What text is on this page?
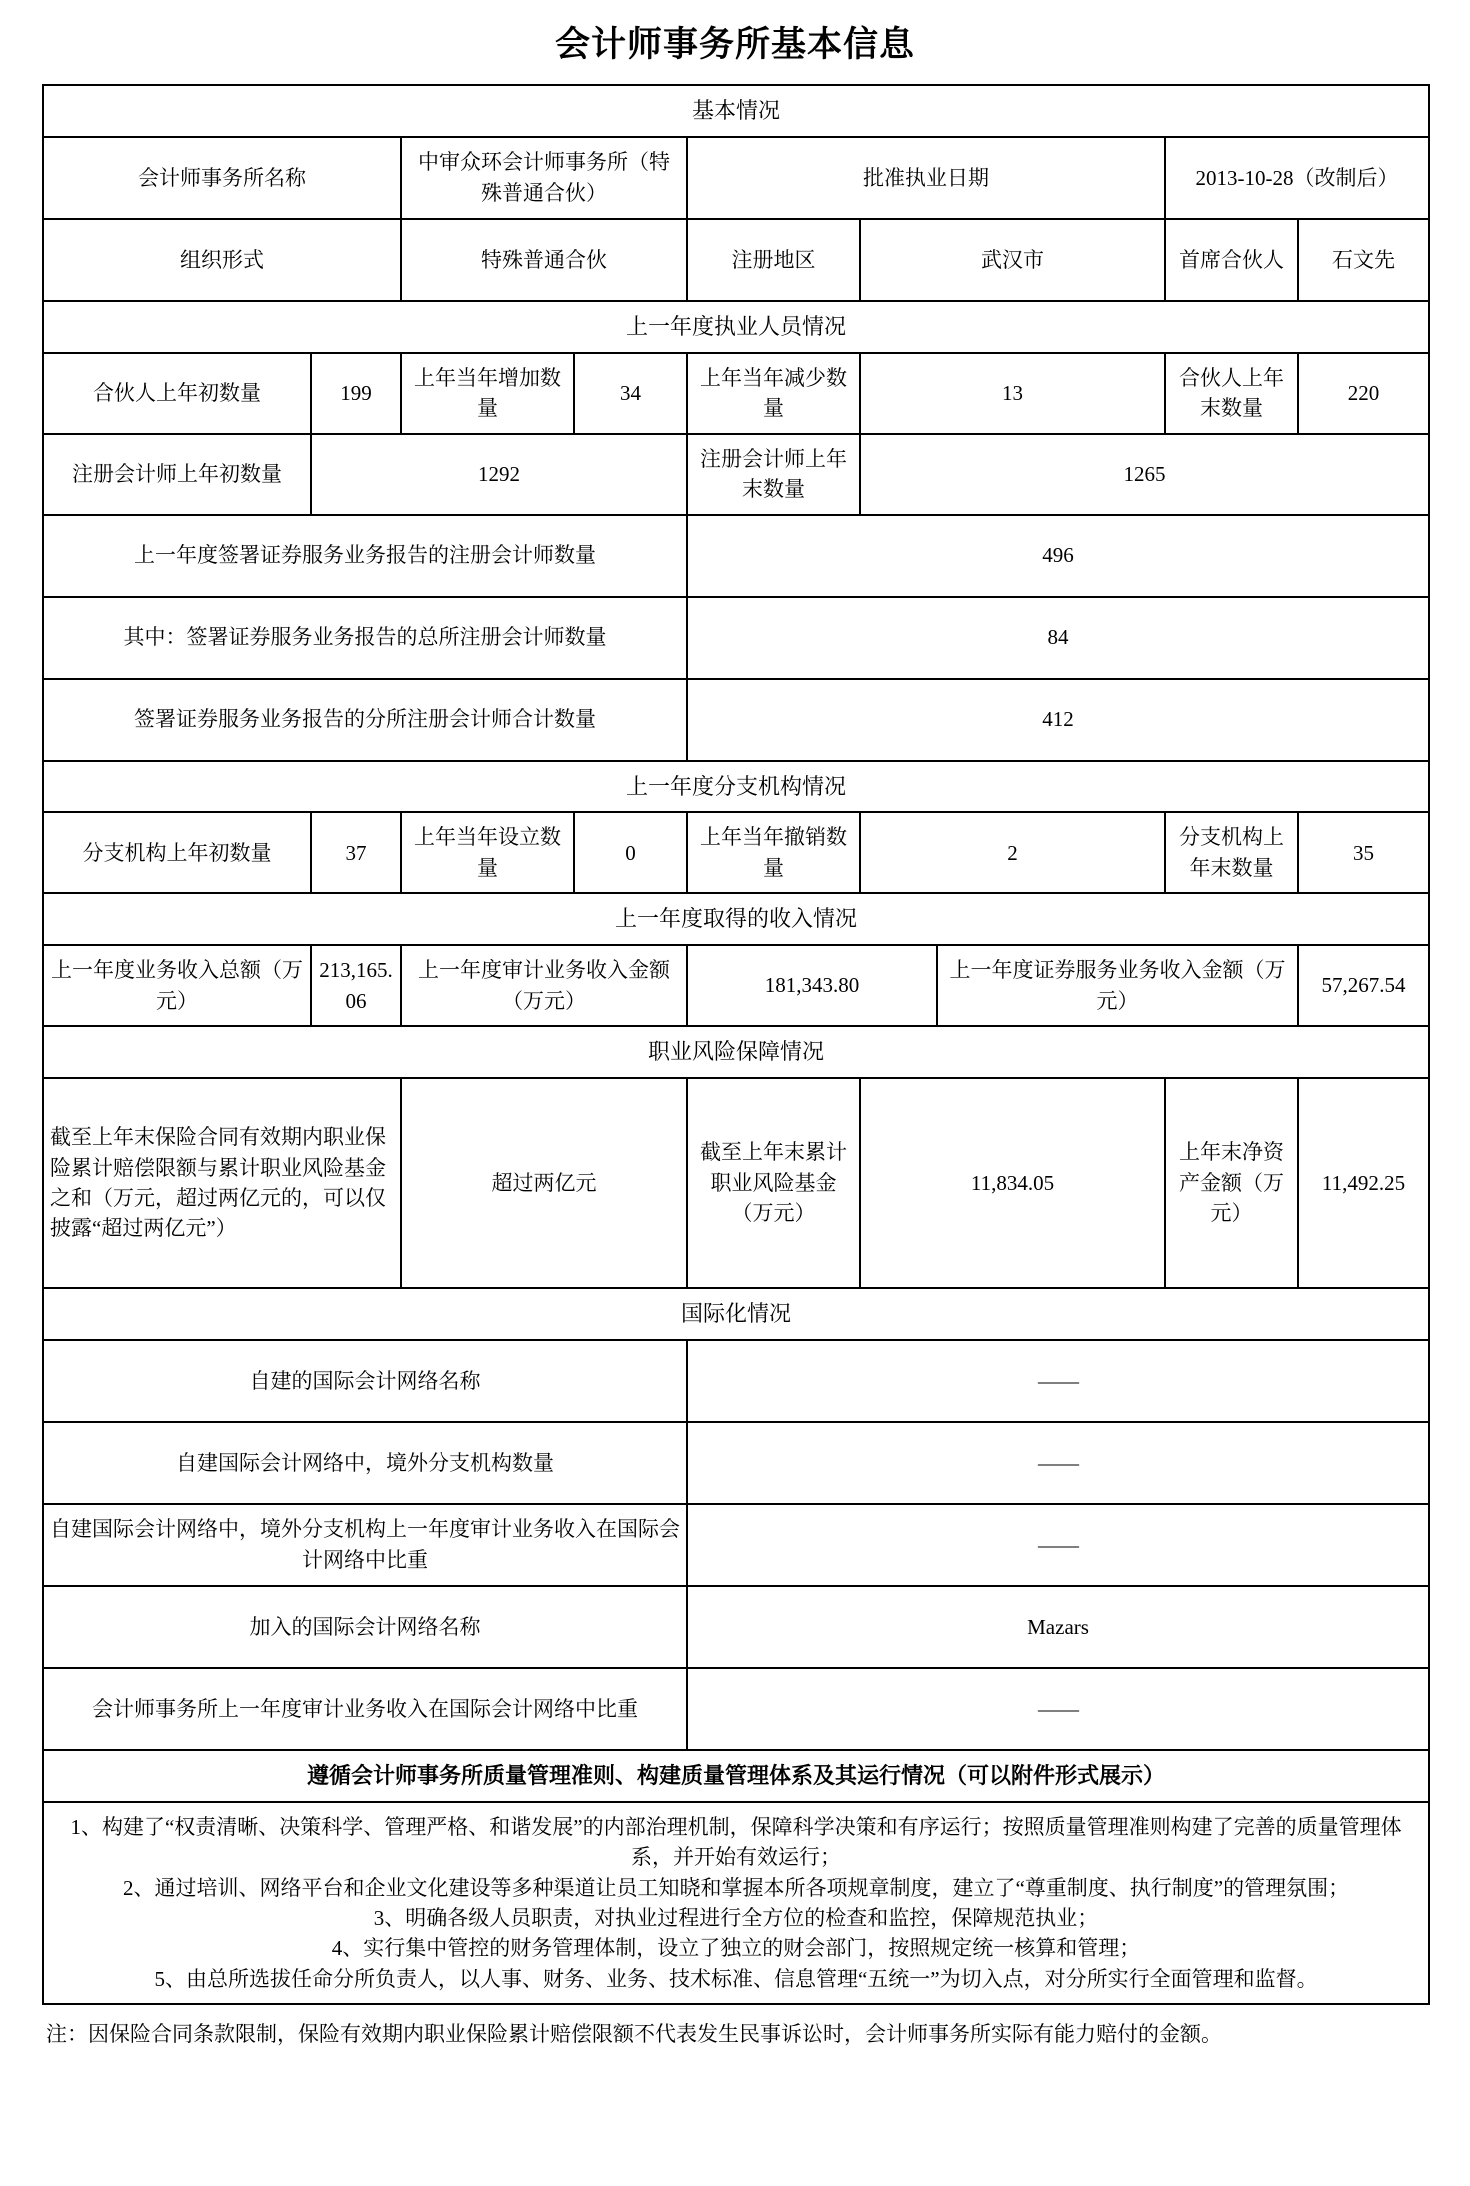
会计师事务所基本信息
基本情况								
会计师事务所名称		中审众环会计师事务所（特殊普通合伙）		批准执业日期			2013-10-28（改制后）	
组织形式		特殊普通合伙		注册地区	武汉市		首席合伙人	石文先
上一年度执业人员情况								
合伙人上年初数量	199	上年当年增加数量	34	上年当年减少数量	13		合伙人上年末数量	220
注册会计师上年初数量	1292			注册会计师上年末数量	1265			
上一年度签署证券服务业务报告的注册会计师数量				496				
其中：签署证券服务业务报告的总所注册会计师数量				84				
签署证券服务业务报告的分所注册会计师合计数量				412				
上一年度分支机构情况								
分支机构上年初数量	37	上年当年设立数量	0	上年当年撤销数量	2		分支机构上年末数量	35
上一年度取得的收入情况								
上一年度业务收入总额（万元）	213,165.06	上一年度审计业务收入金额（万元）		181,343.80		上一年度证券服务业务收入金额（万元）		57,267.54
职业风险保障情况								
截至上年末保险合同有效期内职业保险累计赔偿限额与累计职业风险基金之和（万元，超过两亿元的，可以仅披露“超过两亿元”）		超过两亿元		截至上年末累计职业风险基金（万元）	11,834.05		上年末净资产金额（万元）	11,492.25
国际化情况								
自建的国际会计网络名称				——				
自建国际会计网络中，境外分支机构数量				——				
自建国际会计网络中，境外分支机构上一年度审计业务收入在国际会计网络中比重				——				
加入的国际会计网络名称				Mazars				
会计师事务所上一年度审计业务收入在国际会计网络中比重				——				
遵循会计师事务所质量管理准则、构建质量管理体系及其运行情况（可以附件形式展示）								

1、构建了“权责清晰、决策科学、管理严格、和谐发展”的内部治理机制，保障科学决策和有序运行；按照质量管理准则构建了完善的质量管理体系，并开始有效运行；

2、通过培训、网络平台和企业文化建设等多种渠道让员工知晓和掌握本所各项规章制度，建立了“尊重制度、执行制度”的管理氛围；

3、明确各级人员职责，对执业过程进行全方位的检查和监控，保障规范执业；

4、实行集中管控的财务管理体制，设立了独立的财会部门，按照规定统一核算和管理；

5、由总所选拔任命分所负责人，以人事、财务、业务、技术标准、信息管理“五统一”为切入点，对分所实行全面管理和监督。								

注：因保险合同条款限制，保险有效期内职业保险累计赔偿限额不代表发生民事诉讼时，会计师事务所实际有能力赔付的金额。
